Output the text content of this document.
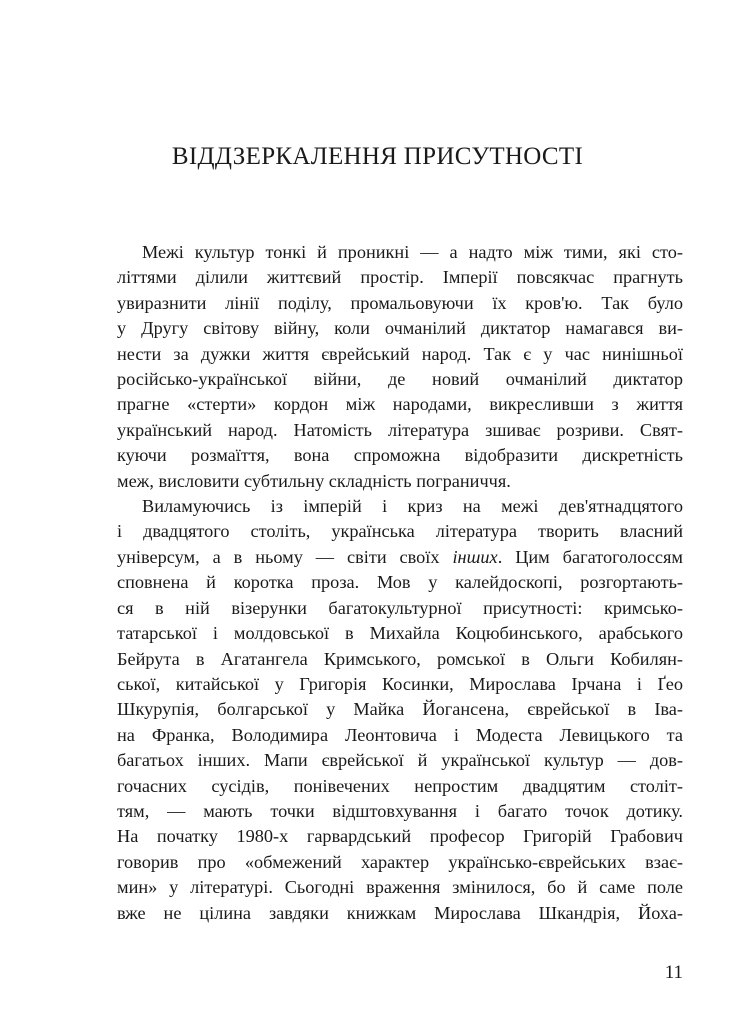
ВІДДЗЕРКАЛЕННЯ ПРИСУТНОСТІ
Межі культур тонкі й проникні — а надто між тими, які сто-
літтями ділили життєвий простір. Імперії повсякчас прагнуть
увиразнити лінії поділу, промальовуючи їх кров'ю. Так було
у Другу світову війну, коли очманілий диктатор намагався ви-
нести за дужки життя єврейський народ. Так є у час нинішньої
російсько-української війни, де новий очманілий диктатор
прагне «стерти» кордон між народами, викресливши з життя
український народ. Натомість література зшиває розриви. Свят-
куючи розмаїття, вона спроможна відобразити дискретність
меж, висловити субтильну складність пограниччя.
Виламуючись із імперій і криз на межі дев'ятнадцятого
і двадцятого століть, українська література творить власний
універсум, а в ньому — світи своїх інших. Цим багатоголоссям
сповнена й коротка проза. Мов у калейдоскопі, розгортають-
ся в ній візерунки багатокультурної присутності: кримсько-
татарської і молдовської в Михайла Коцюбинського, арабського
Бейрута в Агатангела Кримського, ромської в Ольги Кобилян-
ської, китайської у Григорія Косинки, Мирослава Ірчана і Ґео
Шкурупія, болгарської у Майка Йогансена, єврейської в Іва-
на Франка, Володимира Леонтовича і Модеста Левицького та
багатьох інших. Мапи єврейської й української культур — дов-
гочасних сусідів, понівечених непростим двадцятим століт-
тям, — мають точки відштовхування і багато точок дотику.
На початку 1980-х гарвардський професор Григорій Грабович
говорив про «обмежений характер українсько-єврейських взає-
мин» у літературі. Сьогодні враження змінилося, бо й саме поле
вже не цілина завдяки книжкам Мирослава Шкандрія, Йоха-
11
